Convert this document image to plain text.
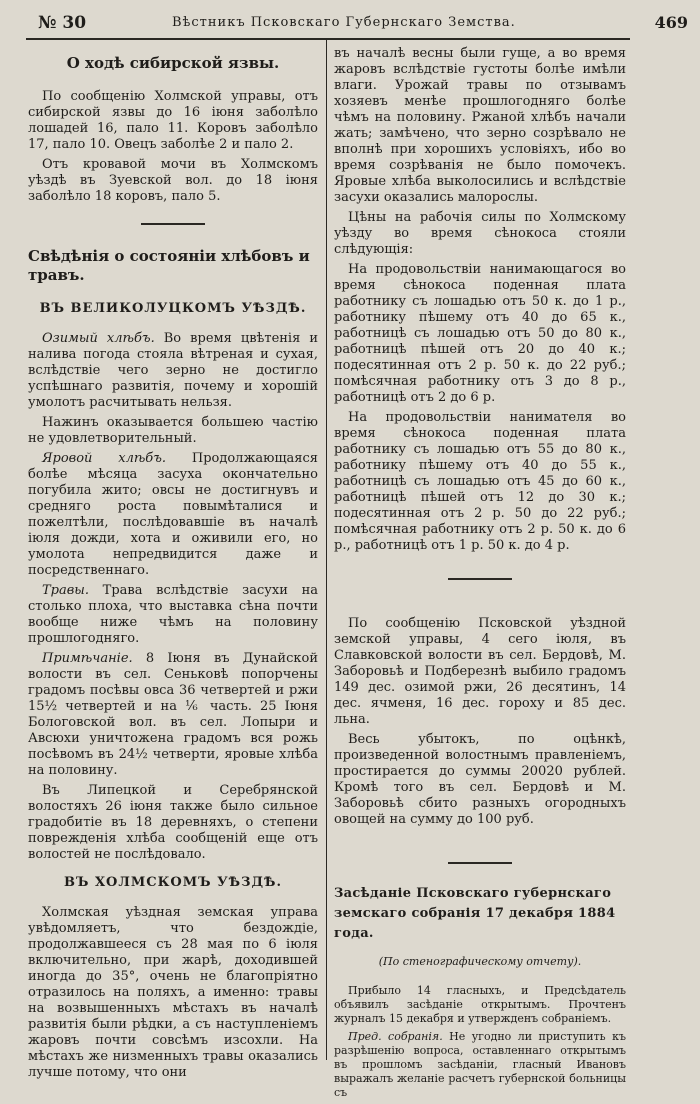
№ 30	Вѣстникъ Псковскаго Губернскаго Земства.	469
О ходѣ сибирской язвы.

По сообщенію Холмской управы, отъ сибирской язвы до 16 іюня заболѣло лошадей 16, пало 11. Коровъ заболѣло 17, пало 10. Овецъ заболѣе 2 и пало 2.

Отъ кровавой мочи въ Холмскомъ уѣздѣ въ Зуевской вол. до 18 іюня заболѣло 18 коровъ, пало 5.

Свѣдѣнія о состояніи хлѣбовъ и травъ.
ВЪ ВЕЛИКОЛУЦКОМЪ УѢЗДѢ.

Озимый хлѣбъ. Во время цвѣтенія и налива погода стояла вѣтреная и сухая, вслѣдствіе чего зерно не достигло успѣшнаго развитія, почему и хорошій умолотъ расчитывать нельзя.

Нажинъ оказывается большею частію не удовлетворительный.

Яровой хлѣбъ. Продолжающаяся болѣе мѣсяца засуха окончательно погубила жито; овсы не достигнувъ и средняго роста повымѣталися и пожелтѣли, послѣдовавшіе въ началѣ іюля дожди, хота и оживили его, но умолота непредвидится даже и посредственнаго.

Травы. Трава вслѣдствіе засухи на столько плоха, что выставка сѣна почти вообще ниже чѣмъ на половину прошлогодняго.

Примѣчаніе. 8 Іюня въ Дунайской волости въ сел. Сеньковѣ попорчены градомъ посѣвы овса 36 четвертей и ржи 15½ четвертей и на ⅙ часть. 25 Іюня Бологовской вол. въ сел. Лопыри и Авсюхи уничтожена градомъ вся рожь посѣвомъ въ 24½ четверти, яровые хлѣба на половину.

Въ Липецкой и Серебрянской волостяхъ 26 іюня также было сильное градобитіе въ 18 деревняхъ, о степени поврежденія хлѣба сообщеній еще отъ волостей не послѣдовало.

ВЪ ХОЛМСКОМЪ УѢЗДѢ.

Холмская уѣздная земская управа увѣдомляетъ, что бездождіе, продолжавшееся съ 28 мая по 6 іюля включительно, при жарѣ, доходившей иногда до 35°, очень не благопріятно отразилось на поляхъ, а именно: травы на возвышенныхъ мѣстахъ въ началѣ развитія были рѣдки, а съ наступленіемъ жаровъ почти совсѣмъ изсохли. На мѣстахъ же низменныхъ травы оказались лучше потому, что они

въ началѣ весны были гуще, а во время жаровъ вслѣдствіе густоты болѣе имѣли влаги. Урожай травы по отзывамъ хозяевъ менѣе прошлогодняго болѣе чѣмъ на половину. Ржаной хлѣбъ начали жать; замѣчено, что зерно созрѣвало не вполнѣ при хорошихъ условіяхъ, ибо во время созрѣванія не было помочекъ. Яровые хлѣба выколосились и вслѣдствіе засухи оказались малорослы.

Цѣны на рабочія силы по Холмскому уѣзду во время сѣнокоса стояли слѣдующія:

На продовольствіи нанимающагося во время сѣнокоса поденная плата работнику съ лошадью отъ 50 к. до 1 р., работнику пѣшему отъ 40 до 65 к., работницѣ съ лошадью отъ 50 до 80 к., работницѣ пѣшей отъ 20 до 40 к.; подесятинная отъ 2 р. 50 к. до 22 руб.; помѣсячная работнику отъ 3 до 8 р., работницѣ отъ 2 до 6 р.

На продовольствіи нанимателя во время сѣнокоса поденная плата работнику съ лошадью отъ 55 до 80 к., работнику пѣшему отъ 40 до 55 к., работницѣ съ лошадью отъ 45 до 60 к., работницѣ пѣшей отъ 12 до 30 к.; подесятинная отъ 2 р. 50 до 22 руб.; помѣсячная работнику отъ 2 р. 50 к. до 6 р., работницѣ отъ 1 р. 50 к. до 4 р.

По сообщенію Псковской уѣздной земской управы, 4 сего іюля, въ Славковской волости въ сел. Бердовѣ, М. Заборовьѣ и Подберезнѣ выбило градомъ 149 дес. озимой ржи, 26 десятинъ, 14 дес. ячменя, 16 дес. гороху и 85 дес. льна.

Весь убытокъ, по оцѣнкѣ, произведенной волостнымъ правленіемъ, простирается до суммы 20020 рублей. Кромѣ того въ сел. Бердовѣ и М. Заборовьѣ сбито разныхъ огородныхъ овощей на сумму до 100 руб.

Засѣданіе Псковскаго губернскаго земскаго собранія 17 декабря 1884 года.
(По стенографическому отчету).

Прибыло 14 гласныхъ, и Предсѣдатель объявилъ засѣданіе открытымъ. Прочтенъ журналъ 15 декабря и утвержденъ собраніемъ.

Пред. собранія. Не угодно ли приступить къ разрѣшенію вопроса, оставленнаго открытымъ въ прошломъ засѣданіи, гласный Ивановъ выражалъ желаніе расчетъ губернской больницы съ
